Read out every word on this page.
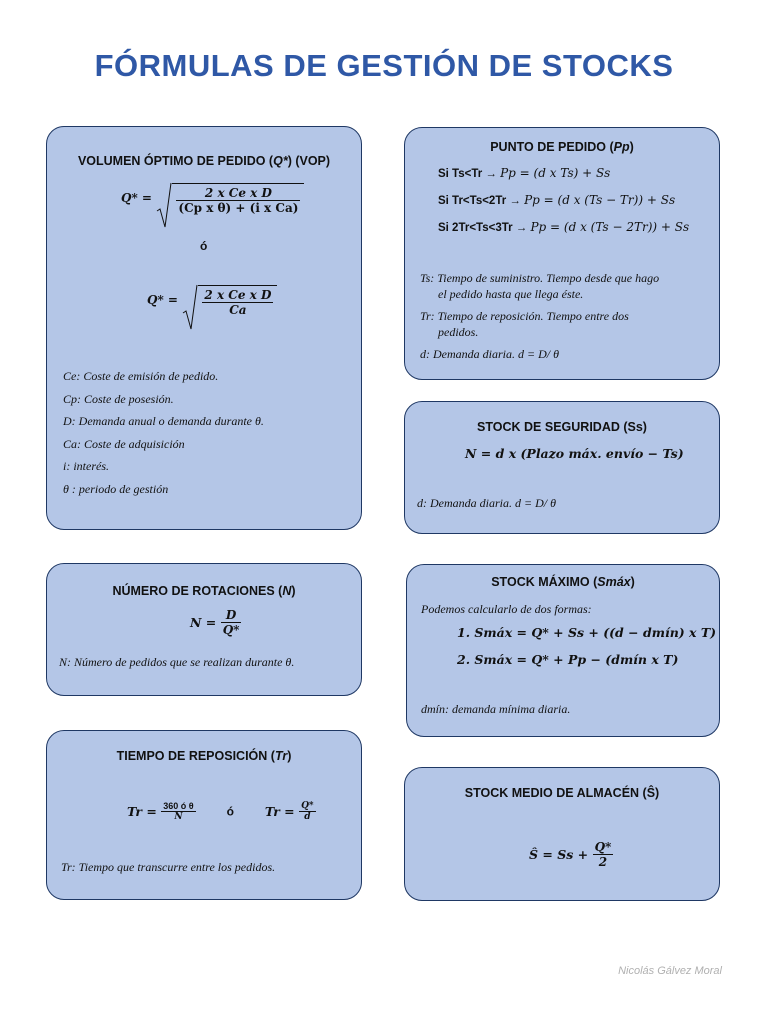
FÓRMULAS DE GESTIÓN DE STOCKS
VOLUMEN ÓPTIMO DE PEDIDO (Q*) (VOP)
$Q* = \frac{\text{2 x Ce x D}}{\text{(Cp x θ) + (i x Ca)}}$
ó
$Q* = \frac{\text{2 x Ce x D}}{Ca}$
Ce: Coste de emisión de pedido.
Cp: Coste de posesión.
D: Demanda anual o demanda durante θ.
Ca: Coste de adquisición
i: interés.
θ : periodo de gestión
PUNTO DE PEDIDO (Pp)
Si Ts<Tr → Pp = (d x Ts) + Ss
Si Tr<Ts<2Tr → Pp = (d x (Ts − Tr)) + Ss
Si 2Tr<Ts<3Tr → Pp = (d x (Ts − 2Tr)) + Ss
Ts: Tiempo de suministro. Tiempo desde que hago
el pedido hasta que llega éste.
Tr: Tiempo de reposición. Tiempo entre dos
pedidos.
d: Demanda diaria. d = D/ θ
STOCK DE SEGURIDAD (Ss)
N = d x (Plazo máx. envío − Ts)
d: Demanda diaria. d = D/ θ
NÚMERO DE ROTACIONES (N)
$N = \frac{D}{Q*}$
N: Número de pedidos que se realizan durante θ.
STOCK MÁXIMO (Smáx)
Podemos calcularlo de dos formas:
1. Smáx = Q* + Ss + ((d − dmín) x T)
2. Smáx = Q* + Pp − (dmín x T)
dmín: demanda mínima diaria.
TIEMPO DE REPOSICIÓN (Tr)
$Tr = \frac{\text{360 ó θ}}{N}$	ó $Tr = \frac{Q*}{d}$
Tr: Tiempo que transcurre entre los pedidos.
STOCK MEDIO DE ALMACÉN (Ŝ)
Ŝ = $Ss + \frac{Q*}{2}$
Nicolás Gálvez Moral
